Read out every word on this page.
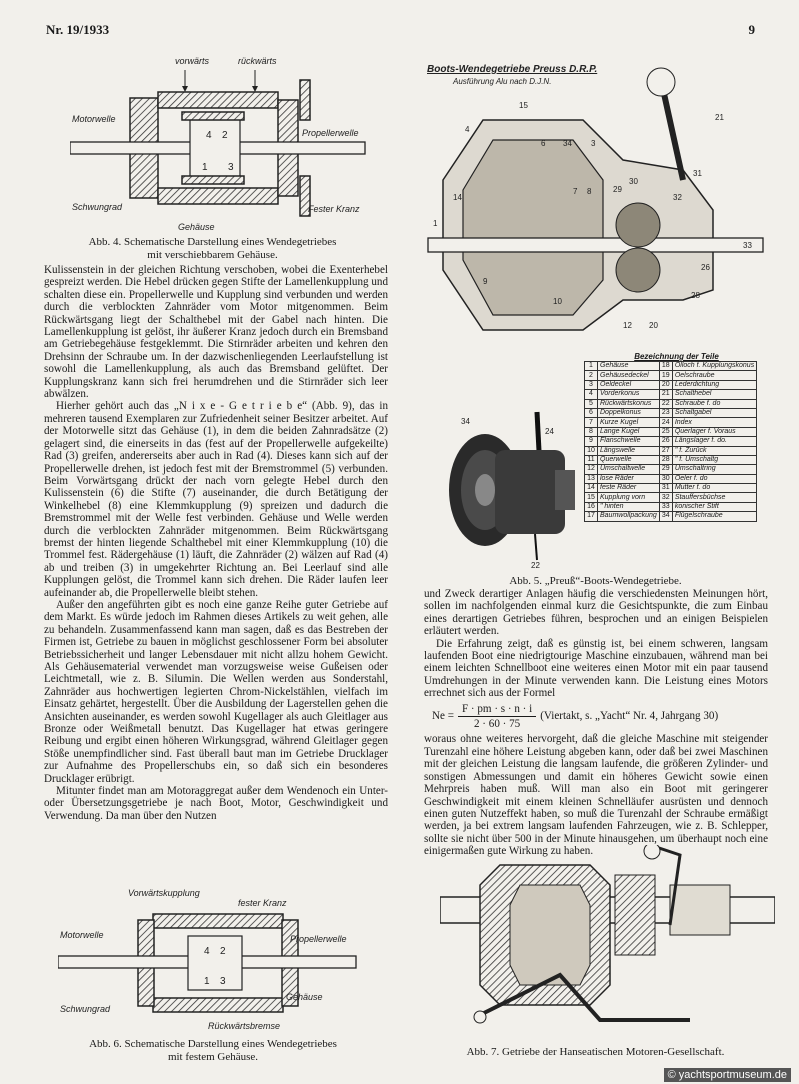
Nr. 19/1933	9
vorwärts	rückwärts
4 2
1 3
Motorwelle
Propellerwelle
Schwungrad	Fester Kranz
Gehäuse
Abb. 4. Schematische Darstellung eines Wendegetriebes
mit verschiebbarem Gehäuse.

Kulissenstein in der gleichen Richtung verschoben, wobei die Exenterhebel gespreizt werden. Die Hebel drücken gegen Stifte der Lamellenkupplung und schalten diese ein. Propellerwelle und Kupplung sind verbunden und werden durch die verblockten Zahnräder vom Motor mitgenommen. Beim Rückwärtsgang liegt der Schalthebel mit der Gabel nach hinten. Die Lamellenkupplung ist gelöst, ihr äußerer Kranz jedoch durch ein Bremsband am Getriebegehäuse festgeklemmt. Die Stirnräder arbeiten und kehren den Drehsinn der Schraube um. In der dazwischenliegenden Leerlaufstellung ist sowohl die Lamellenkupplung, als auch das Bremsband gelüftet. Der Kupplungskranz kann sich frei herumdrehen und die Stirnräder sich leer abwälzen.

Hierher gehört auch das „N i x e - G e t r i e b e“ (Abb. 9), das in mehreren tausend Exemplaren zur Zufriedenheit seiner Besitzer arbeitet. Auf der Motorwelle sitzt das Gehäuse (1), in dem die beiden Zahnradsätze (2) gelagert sind, die einerseits in das (fest auf der Propellerwelle aufgekeilte) Rad (3) greifen, andererseits aber auch in Rad (4). Dieses kann sich auf der Propellerwelle drehen, ist jedoch fest mit der Bremstrommel (5) verbunden. Beim Vorwärtsgang drückt der nach vorn gelegte Hebel durch den Kulissenstein (6) die Stifte (7) auseinander, die durch Betätigung der Winkelhebel (8) eine Klemmkupplung (9) spreizen und dadurch die Bremstrommel mit der Welle fest verbinden. Gehäuse und Welle werden durch die verblockten Zahnräder mitgenommen. Beim Rückwärtsgang bremst der hinten liegende Schalthebel mit einer Klemmkupplung (10) die Trommel fest. Rädergehäuse (1) läuft, die Zahnräder (2) wälzen auf Rad (4) ab und treiben (3) in umgekehrter Richtung an. Bei Leerlauf sind alle Kupplungen gelöst, die Trommel kann sich drehen. Die Räder laufen leer aufeinander ab, die Propellerwelle bleibt stehen.

Außer den angeführten gibt es noch eine ganze Reihe guter Getriebe auf dem Markt. Es würde jedoch im Rahmen dieses Artikels zu weit gehen, alle zu behandeln. Zusammenfassend kann man sagen, daß es das Bestreben der Firmen ist, Getriebe zu bauen in möglichst geschlossener Form bei absoluter Betriebssicherheit und langer Lebensdauer mit nicht allzu hohem Gewicht. Als Gehäusematerial verwendet man vorzugsweise weise Gußeisen oder Leichtmetall, wie z. B. Silumin. Die Wellen werden aus Sonderstahl, Zahnräder aus hochwertigen legierten Chrom-Nickelstählen, vielfach im Einsatz gehärtet, hergestellt. Über die Ausbildung der Lagerstellen gehen die Ansichten auseinander, es werden sowohl Kugellager als auch Gleitlager aus Bronze oder Weißmetall benutzt. Das Kugellager hat etwas geringere Reibung und ergibt einen höheren Wirkungsgrad, während Gleitlager gegen Stöße unempfindlicher sind. Fast überall baut man im Getriebe Drucklager zur Aufnahme des Propellerschubs ein, so daß sich ein besonderes Drucklager erübrigt.

Mitunter findet man am Motoraggregat außer dem Wendenoch ein Unter- oder Übersetzungsgetriebe je nach Boot, Motor, Geschwindigkeit und Verwendung. Da man über den Nutzen

Vorwärtskupplung
fester Kranz
4 2
1 3
Motorwelle	Propellerwelle
Schwungrad
Gehäuse
Rückwärtsbremse
Abb. 6. Schematische Darstellung eines Wendegetriebes
mit festem Gehäuse.
Boots-Wendegetriebe Preuss D.R.P.
Ausführung Alu nach D.J.N.
4
15
6 34 3
21
14
1
33
9
10
12 20
28
26
29
30
31
32
7 8
34
24
22
Bezeichnung der Teile
1	Gehäuse	18	Ölloch f. Kupplungskonus
2	Gehäusedeckel	19	Oelschraube
3	Oeldeckel	20	Lederdichtung
4	Vorderkonus	21	Schalthebel
5	Rückwärtskonus	22	Schraube f. do
6	Doppelkonus	23	Schaltgabel
7	Kurze Kugel	24	Index
8	Lange Kugel	25	Querlager f. Voraus
9	Flanschwelle	26	Längslager f. do.
10	Längswelle	27	" f. Zurück
11	Querwelle	28	" f. Umschaltg
12	Umschaltwelle	29	Umschaltring
13	lose Räder	30	Oeler f. do
14	feste Räder	31	Mutter f. do
15	Kupplung vorn	32	Stauffersbüchse
16	" hinten	33	konischer Stift
17	Baumwollpackung	34	Flügelschraube
Abb. 5. „Preuß“-Boots-Wendegetriebe.

und Zweck derartiger Anlagen häufig die verschiedensten Meinungen hört, sollen im nachfolgenden einmal kurz die Gesichtspunkte, die zum Einbau eines derartigen Getriebes führen, besprochen und an einigen Beispielen erläutert werden.

Die Erfahrung zeigt, daß es günstig ist, bei einem schweren, langsam laufenden Boot eine niedrigtourige Maschine einzubauen, während man bei einem leichten Schnellboot eine weiteres einen Motor mit ein paar tausend Umdrehungen in der Minute verwenden kann. Die Leistung eines Motors errechnet sich aus der Formel

$Ne = \frac{F \cdot pm \cdot s \cdot n \cdot i}{2 \cdot 60 \cdot 75}$ (Viertakt, s. „Yacht“ Nr. 4, Jahrgang 30)

woraus ohne weiteres hervorgeht, daß die gleiche Maschine mit steigender Turenzahl eine höhere Leistung abgeben kann, oder daß bei zwei Maschinen mit der gleichen Leistung die langsam laufende, die größeren Zylinder- und sonstigen Abmessungen und damit ein höheres Gewicht sowie einen Mehrpreis haben muß. Will man also ein Boot mit geringerer Geschwindigkeit mit einem kleinen Schnelläufer ausrüsten und dennoch einen guten Nutzeffekt haben, so muß die Turenzahl der Schraube ermäßigt werden, ja bei extrem langsam laufenden Fahrzeugen, wie z. B. Schlepper, sollte sie nicht über 500 in der Minute hinausgehen, um überhaupt noch eine einigermaßen gute Wirkung zu haben.

Abb. 7. Getriebe der Hanseatischen Motoren-Gesellschaft.
© yachtsportmuseum.de
